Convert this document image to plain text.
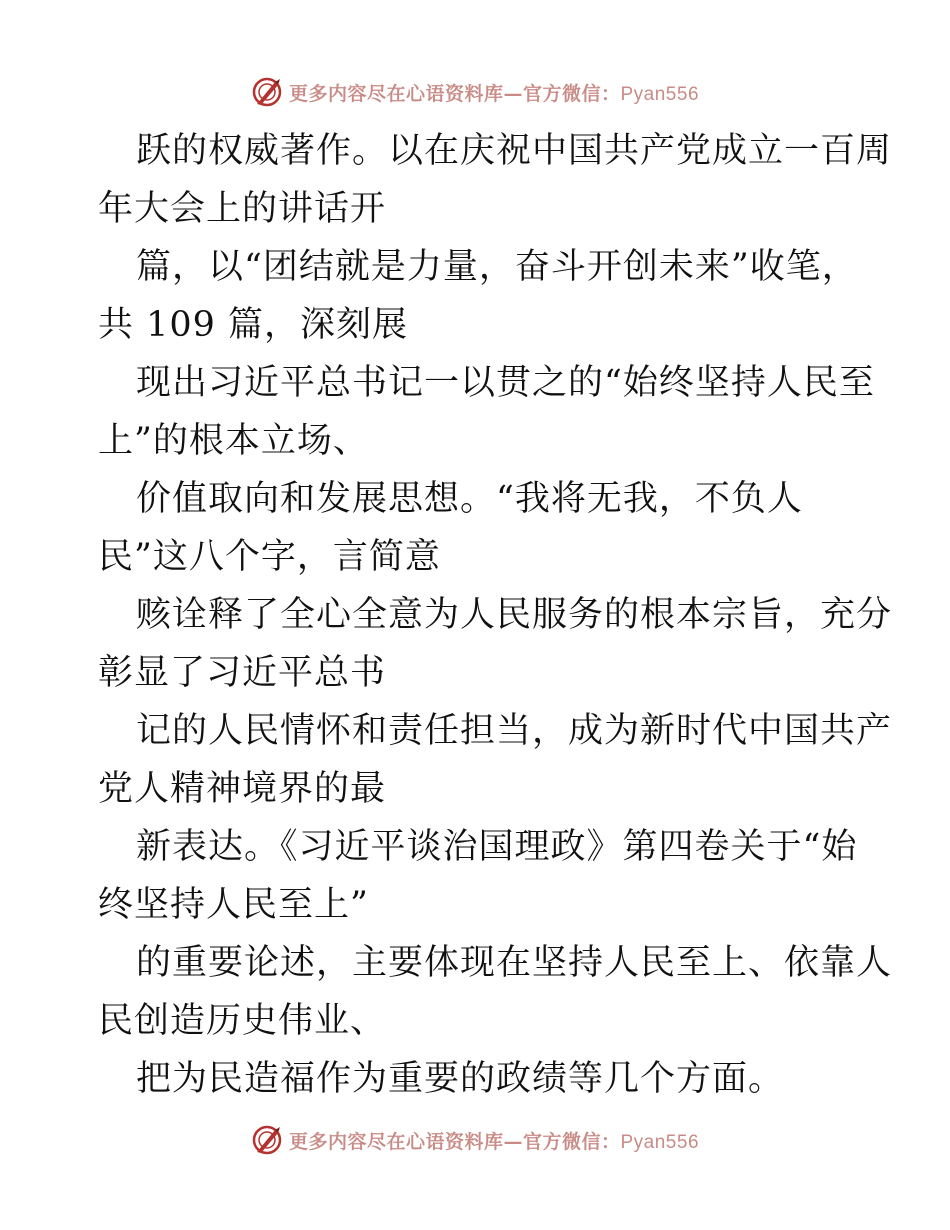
更多内容尽在心语资料库—官方微信：Pyan556
跃的权威著作。以在庆祝中国共产党成立一百周
年大会上的讲话开
篇，以“团结就是力量，奋斗开创未来”收笔，
共 109 篇，深刻展
现出习近平总书记一以贯之的“始终坚持人民至
上”的根本立场、
价值取向和发展思想。“我将无我，不负人
民”这八个字，言简意
赅诠释了全心全意为人民服务的根本宗旨，充分
彰显了习近平总书
记的人民情怀和责任担当，成为新时代中国共产
党人精神境界的最
新表达。《习近平谈治国理政》第四卷关于“始
终坚持人民至上”
的重要论述，主要体现在坚持人民至上、依靠人
民创造历史伟业、
把为民造福作为重要的政绩等几个方面。
更多内容尽在心语资料库—官方微信：Pyan556
